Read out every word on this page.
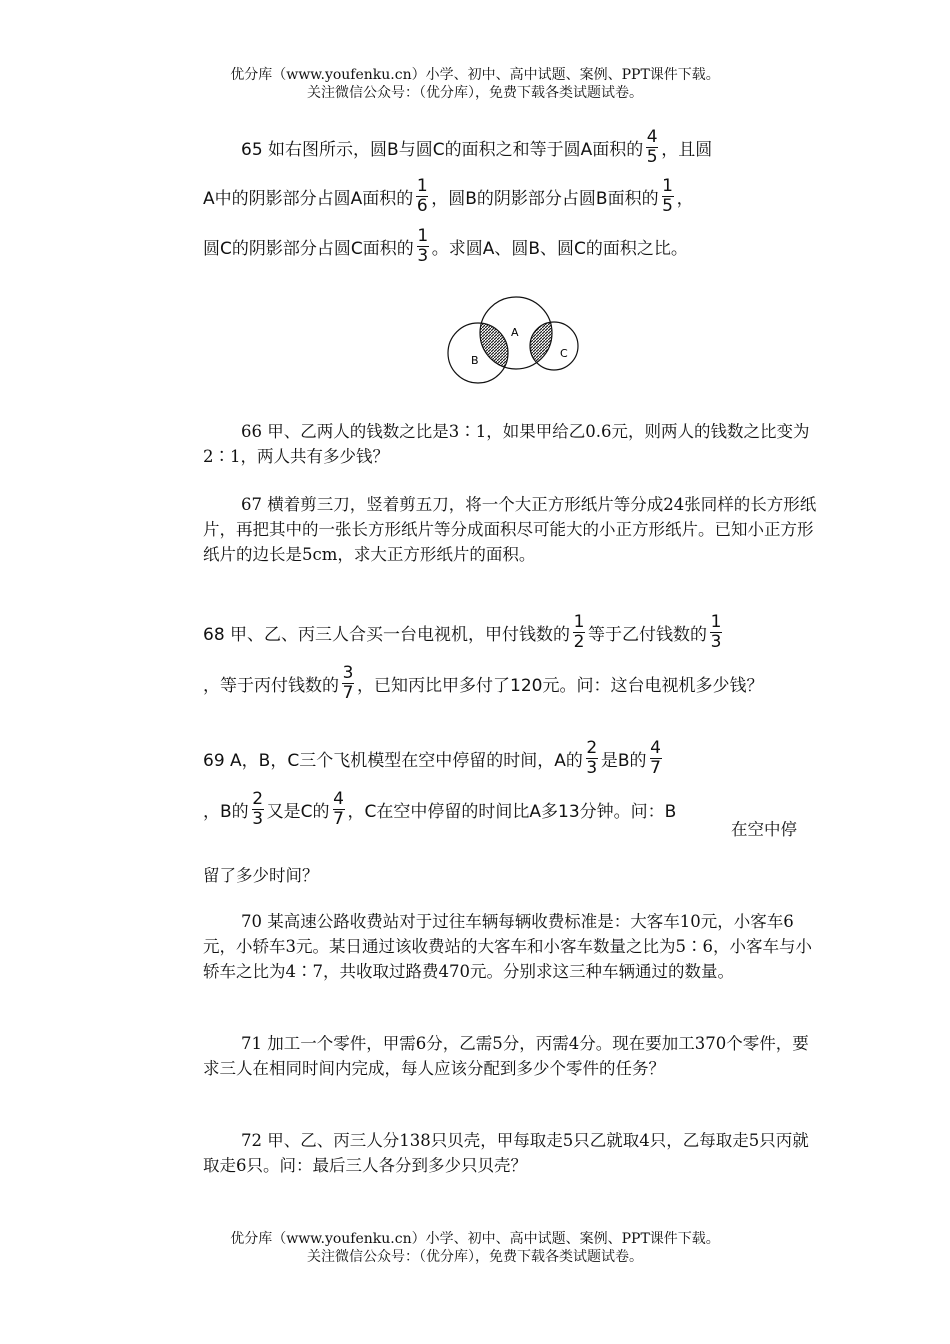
优分库（www.youfenku.cn）小学、初中、高中试题、案例、PPT课件下载。
关注微信公众号：（优分库），免费下载各类试题试卷。
65 如右图所示，圆B与圆C的面积之和等于圆A面积的 $\frac{4}{5}$ ，且圆
A中的阴影部分占圆A面积的 $\frac{1}{6}$ ，圆B的阴影部分占圆B面积的 $\frac{1}{5}$ ，
圆C的阴影部分占圆C面积的 $\frac{1}{3}$ 。求圆A、圆B、圆C的面积之比。
A
B
C
66 甲、乙两人的钱数之比是3∶1，如果甲给乙0.6元，则两人的钱数之比变为2∶1，两人共有多少钱？
67 横着剪三刀，竖着剪五刀，将一个大正方形纸片等分成24张同样的长方形纸片，再把其中的一张长方形纸片等分成面积尽可能大的小正方形纸片。已知小正方形纸片的边长是5cm，求大正方形纸片的面积。
68 甲、乙、丙三人合买一台电视机，甲付钱数的 $\frac{1}{2}$ 等于乙付钱数的 $\frac{1}{3}$
，等于丙付钱数的 $\frac{3}{7}$ ，已知丙比甲多付了120元。问：这台电视机多少钱？
69 A，B，C三个飞机模型在空中停留的时间，A的 $\frac{2}{3}$ 是B的 $\frac{4}{7}$
，B的 $\frac{2}{3}$ 又是C的 $\frac{4}{7}$ ，C在空中停留的时间比A多13分钟。问：B
在空中停
留了多少时间？
70 某高速公路收费站对于过往车辆每辆收费标准是：大客车10元，小客车6元，小轿车3元。某日通过该收费站的大客车和小客车数量之比为5∶6，小客车与小轿车之比为4∶7，共收取过路费470元。分别求这三种车辆通过的数量。
71 加工一个零件，甲需6分，乙需5分，丙需4分。现在要加工370个零件，要求三人在相同时间内完成，每人应该分配到多少个零件的任务？
72 甲、乙、丙三人分138只贝壳，甲每取走5只乙就取4只，乙每取走5只丙就取走6只。问：最后三人各分到多少只贝壳？
优分库（www.youfenku.cn）小学、初中、高中试题、案例、PPT课件下载。
关注微信公众号：（优分库），免费下载各类试题试卷。
